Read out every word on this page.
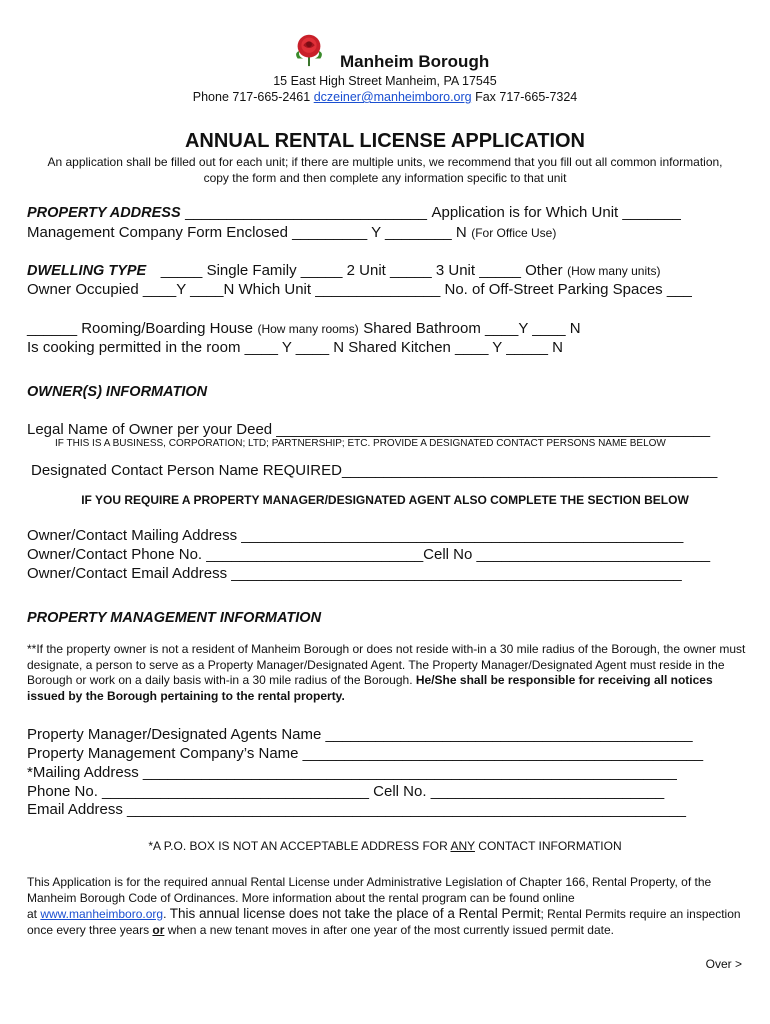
Manheim Borough
15 East High Street Manheim, PA 17545
Phone 717-665-2461 dczeiner@manheimboro.org Fax 717-665-7324
ANNUAL RENTAL LICENSE APPLICATION
An application shall be filled out for each unit; if there are multiple units, we recommend that you fill out all common information,
copy the form and then complete any information specific to that unit
PROPERTY ADDRESS _____________________________ Application is for Which Unit _______
Management Company Form Enclosed _________ Y ________ N (For Office Use)
DWELLING TYPE _____ Single Family _____ 2 Unit _____ 3 Unit _____ Other (How many units)
Owner Occupied ____Y ____N Which Unit _______________ No. of Off-Street Parking Spaces ___
______ Rooming/Boarding House (How many rooms) Shared Bathroom ____Y ____ N
Is cooking permitted in the room ____ Y ____ N Shared Kitchen ____ Y _____ N
OWNER(S) INFORMATION
Legal Name of Owner per your Deed ____________________________________________________
IF THIS IS A BUSINESS, CORPORATION; LTD; PARTNERSHIP; ETC. PROVIDE A DESIGNATED CONTACT PERSONS NAME BELOW
Designated Contact Person Name REQUIRED_____________________________________________
IF YOU REQUIRE A PROPERTY MANAGER/DESIGNATED AGENT ALSO COMPLETE THE SECTION BELOW
Owner/Contact Mailing Address _____________________________________________________
Owner/Contact Phone No. __________________________Cell No ____________________________
Owner/Contact Email Address ______________________________________________________
PROPERTY MANAGEMENT INFORMATION
**If the property owner is not a resident of Manheim Borough or does not reside with-in a 30 mile radius of the Borough, the owner must designate, a person to serve as a Property Manager/Designated Agent. The Property Manager/Designated Agent must reside in the Borough or work on a daily basis with-in a 30 mile radius of the Borough. He/She shall be responsible for receiving all notices issued by the Borough pertaining to the rental property.
Property Manager/Designated Agents Name ____________________________________________
Property Management Company’s Name ________________________________________________
*Mailing Address ________________________________________________________________
Phone No. ________________________________ Cell No. ____________________________
Email Address ___________________________________________________________________
*A P.O. BOX IS NOT AN ACCEPTABLE ADDRESS FOR ANY CONTACT INFORMATION
This Application is for the required annual Rental License under Administrative Legislation of Chapter 166, Rental Property, of the Manheim Borough Code of Ordinances. More information about the rental program can be found online
at www.manheimboro.org. This annual license does not take the place of a Rental Permit; Rental Permits require an inspection once every three years or when a new tenant moves in after one year of the most currently issued permit date.
Over >
